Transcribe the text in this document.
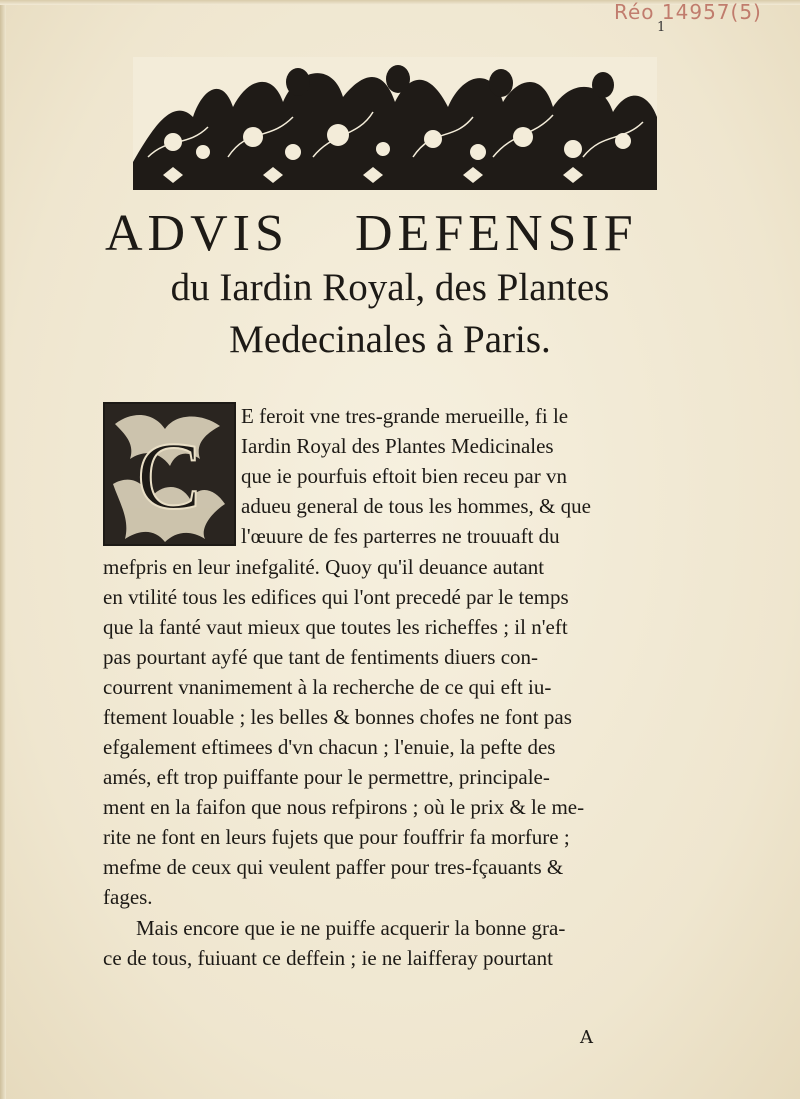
Réo 14957(5)
1
ADVIS DEFENSIF
du Iardin Royal, des Plantes
Medecinales à Paris.
C
E feroit vne tres-grande merueille, fi le
Iardin Royal des Plantes Medicinales
que ie pourfuis eftoit bien receu par vn
adueu general de tous les hommes, & que
l'œuure de fes parterres ne trouuaft du
mefpris en leur inefgalité. Quoy qu'il deuance autant
en vtilité tous les edifices qui l'ont precedé par le temps
que la fanté vaut mieux que toutes les richeffes ; il n'eft
pas pourtant ayfé que tant de fentiments diuers con-
courrent vnanimement à la recherche de ce qui eft iu-
ftement louable ; les belles & bonnes chofes ne font pas
efgalement eftimees d'vn chacun ; l'enuie, la pefte des
amés, eft trop puiffante pour le permettre, principale-
ment en la faifon que nous refpirons ; où le prix & le me-
rite ne font en leurs fujets que pour fouffrir fa morfure ;
mefme de ceux qui veulent paffer pour tres-fçauants &
fages.
Mais encore que ie ne puiffe acquerir la bonne gra-
ce de tous, fuiuant ce deffein ; ie ne laifferay pourtant
A
